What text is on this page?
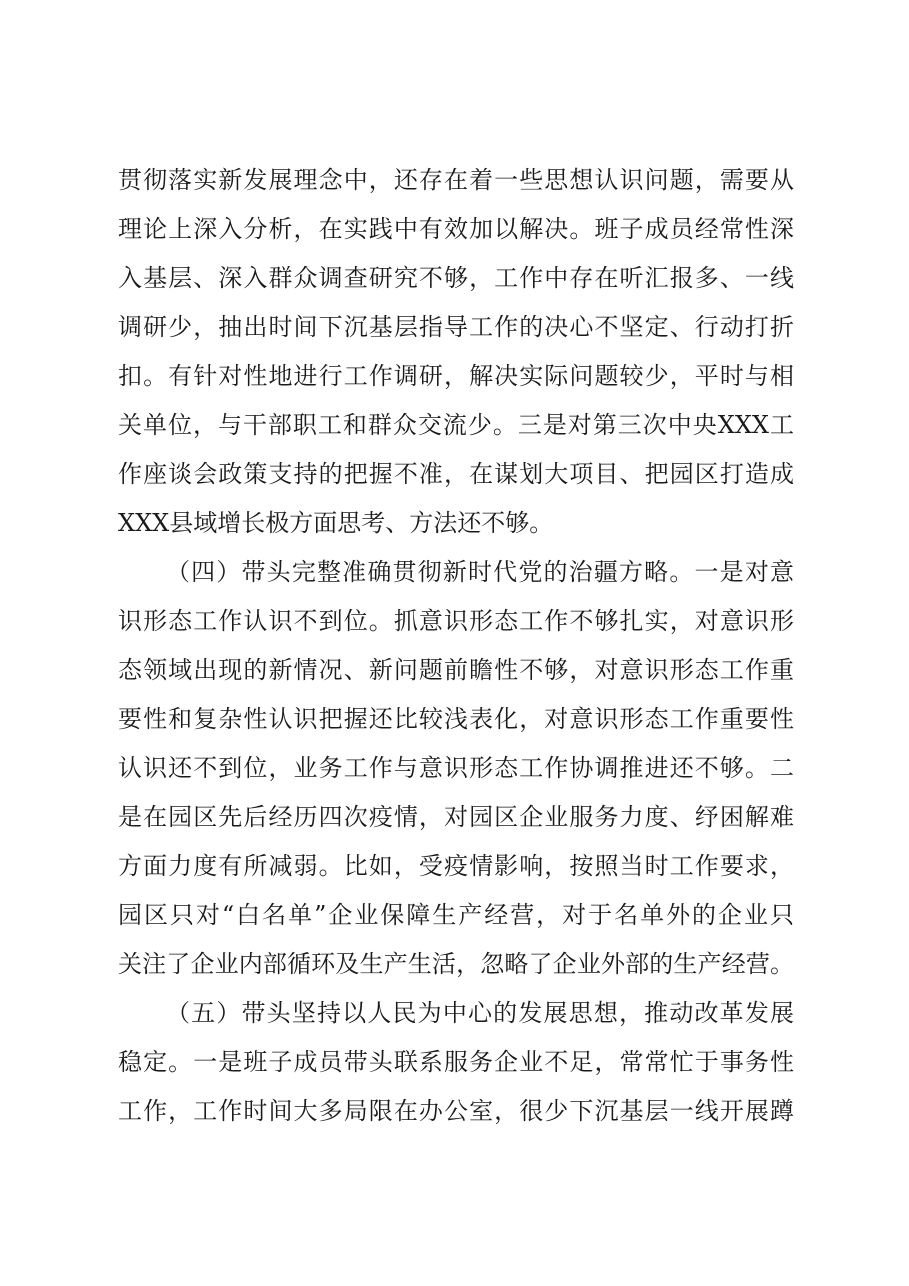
贯彻落实新发展理念中，还存在着一些思想认识问题，需要从
理论上深入分析，在实践中有效加以解决。班子成员经常性深
入基层、深入群众调查研究不够，工作中存在听汇报多、一线
调研少，抽出时间下沉基层指导工作的决心不坚定、行动打折
扣。有针对性地进行工作调研，解决实际问题较少，平时与相
关单位，与干部职工和群众交流少。三是对第三次中央XXX工
作座谈会政策支持的把握不准，在谋划大项目、把园区打造成
XXX县域增长极方面思考、方法还不够。
（四）带头完整准确贯彻新时代党的治疆方略。一是对意
识形态工作认识不到位。抓意识形态工作不够扎实，对意识形
态领域出现的新情况、新问题前瞻性不够，对意识形态工作重
要性和复杂性认识把握还比较浅表化，对意识形态工作重要性
认识还不到位，业务工作与意识形态工作协调推进还不够。二
是在园区先后经历四次疫情，对园区企业服务力度、纾困解难
方面力度有所减弱。比如，受疫情影响，按照当时工作要求，
园区只对“白名单”企业保障生产经营，对于名单外的企业只
关注了企业内部循环及生产生活，忽略了企业外部的生产经营。
（五）带头坚持以人民为中心的发展思想，推动改革发展
稳定。一是班子成员带头联系服务企业不足，常常忙于事务性
工作，工作时间大多局限在办公室，很少下沉基层一线开展蹲
